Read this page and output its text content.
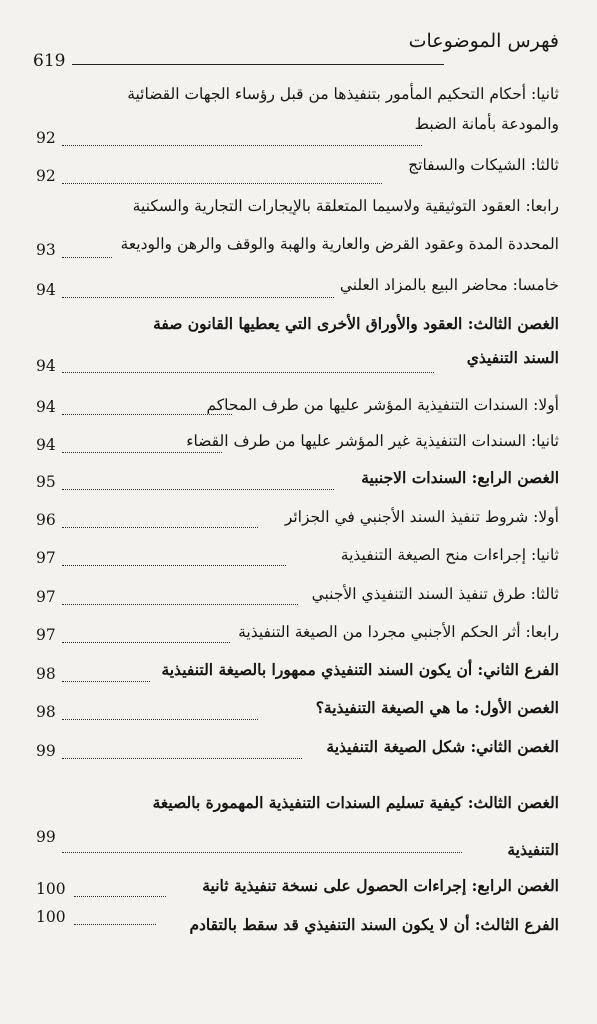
فهرس الموضوعات
619
ثانيا: أحكام التحكيم المأمور بتنفيذها من قبل رؤساء الجهات القضائية
والمودعة بأمانة الضبط
92
ثالثا: الشيكات والسفاتج
92
رابعا: العقود التوثيقية ولاسيما المتعلقة بالإيجارات التجارية والسكنية
المحددة المدة وعقود القرض والعارية والهبة والوقف والرهن والوديعة
93
خامسا: محاضر البيع بالمزاد العلني
94
الغصن الثالث: العقود والأوراق الأخرى التي يعطيها القانون صفة
السند التنفيذي
94
أولا: السندات التنفيذية المؤشر عليها من طرف المحاكم
94
ثانيا: السندات التنفيذية غير المؤشر عليها من طرف القضاء
94
الغصن الرابع: السندات الاجنبية
95
أولا: شروط تنفيذ السند الأجنبي في الجزائر
96
ثانيا: إجراءات منح الصيغة التنفيذية
97
ثالثا: طرق تنفيذ السند التنفيذي الأجنبي
97
رابعا: أثر الحكم الأجنبي مجردا من الصيغة التنفيذية
97
الفرع الثاني: أن يكون السند التنفيذي ممهورا بالصيغة التنفيذية
98
الغصن الأول: ما هي الصيغة التنفيذية؟
98
الغصن الثاني: شكل الصيغة التنفيذية
99
الغصن الثالث: كيفية تسليم السندات التنفيذية المهمورة بالصيغة
التنفيذية
99
الغصن الرابع: إجراءات الحصول على نسخة تنفيذية ثانية
100
الفرع الثالث: أن لا يكون السند التنفيذي قد سقط بالتقادم
100
